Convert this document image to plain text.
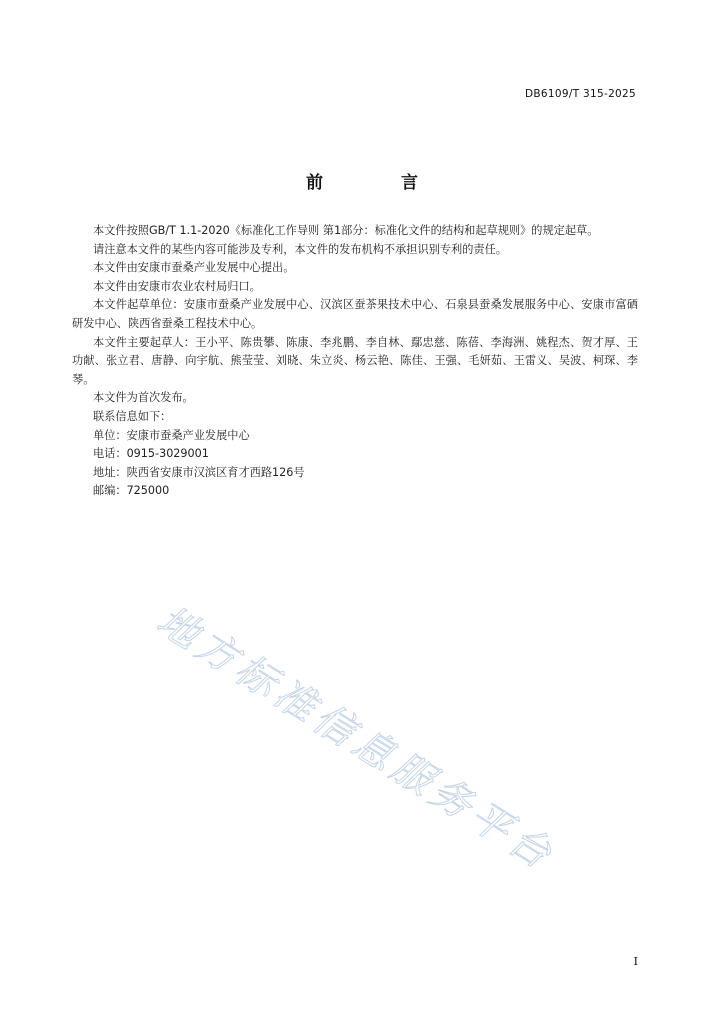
DB6109/T 315-2025
前 言

本文件按照GB/T 1.1-2020《标准化工作导则 第1部分：标准化文件的结构和起草规则》的规定起草。

请注意本文件的某些内容可能涉及专利，本文件的发布机构不承担识别专利的责任。

本文件由安康市蚕桑产业发展中心提出。

本文件由安康市农业农村局归口。

本文件起草单位：安康市蚕桑产业发展中心、汉滨区蚕茶果技术中心、石泉县蚕桑发展服务中心、安康市富硒研发中心、陕西省蚕桑工程技术中心。

本文件主要起草人：王小平、陈贵攀、陈康、李兆鹏、李自林、鄢忠慈、陈蓓、李海洲、姚程杰、贺才厚、王功献、张立君、唐静、向宇航、熊莹莹、刘晓、朱立炎、杨云艳、陈佳、王强、毛妍茹、王雷义、吴波、柯琛、李琴。

本文件为首次发布。

联系信息如下：

单位：安康市蚕桑产业发展中心

电话：0915-3029001

地址：陕西省安康市汉滨区育才西路126号

邮编：725000

地方标准信息服务平台
I
